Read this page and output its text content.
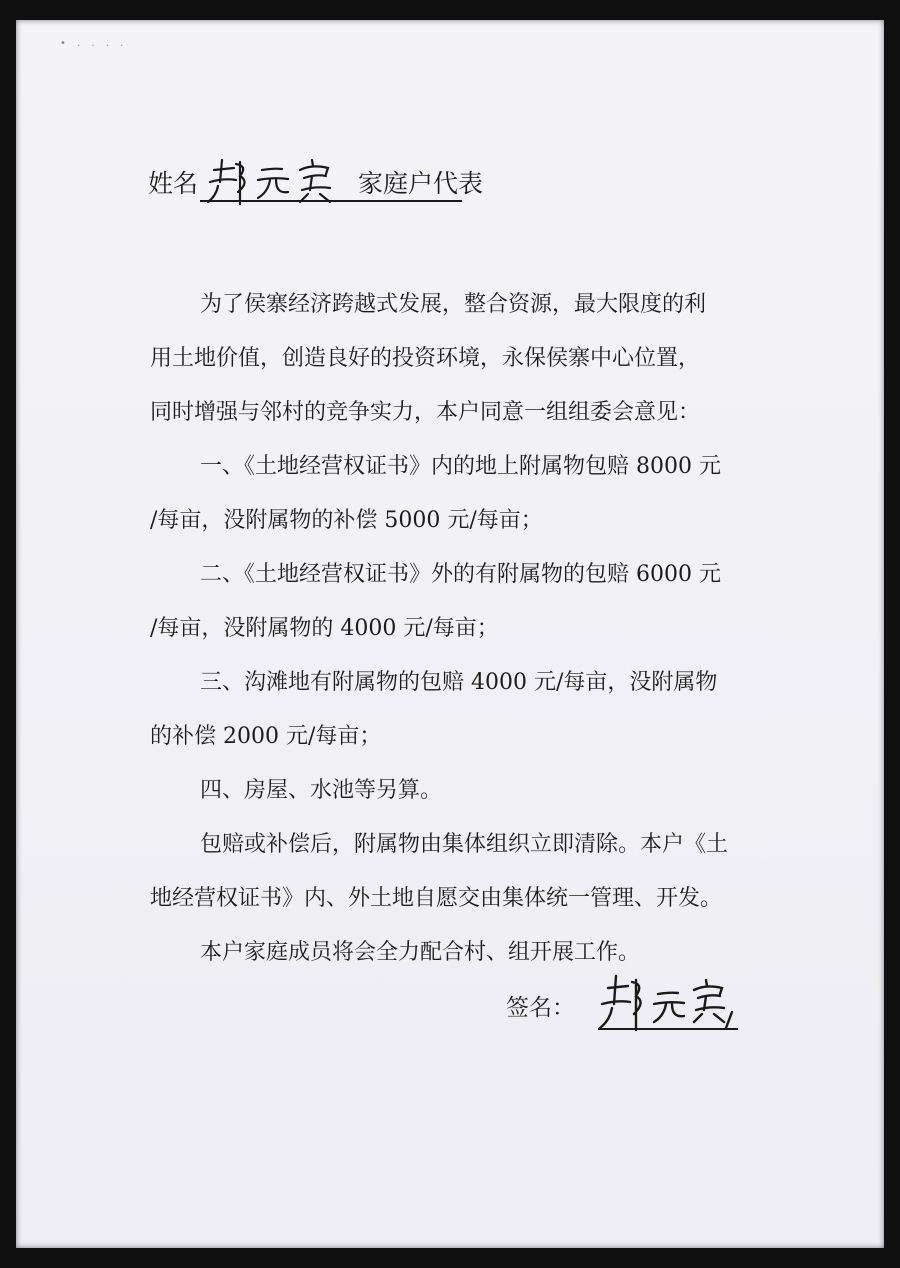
• . . . .
姓名	家庭户代表

为了侯寨经济跨越式发展，整合资源，最大限度的利
用土地价值，创造良好的投资环境，永保侯寨中心位置，
同时增强与邻村的竞争实力，本户同意一组组委会意见：

一、《土地经营权证书》内的地上附属物包赔 8000 元
/每亩，没附属物的补偿 5000 元/每亩；

二、《土地经营权证书》外的有附属物的包赔 6000 元
/每亩，没附属物的 4000 元/每亩；

三、沟滩地有附属物的包赔 4000 元/每亩，没附属物
的补偿 2000 元/每亩；

四、房屋、水池等另算。

包赔或补偿后，附属物由集体组织立即清除。本户《土
地经营权证书》内、外土地自愿交由集体统一管理、开发。

本户家庭成员将会全力配合村、组开展工作。

签名：
